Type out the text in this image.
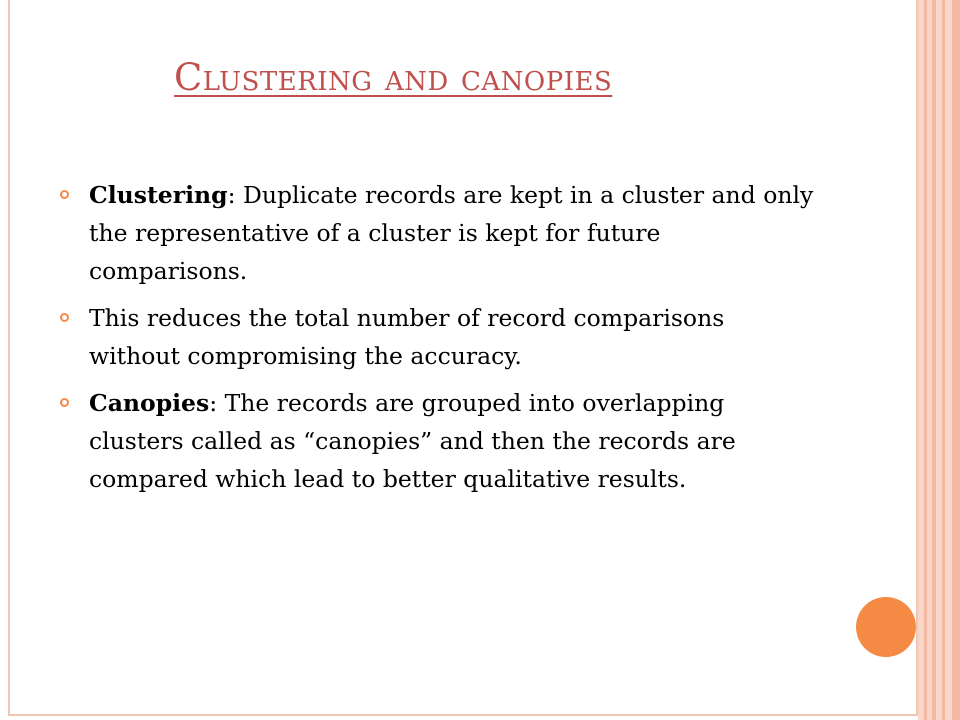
Clustering and canopies
Clustering: Duplicate records are kept in a cluster and only the representative of a cluster is kept for future comparisons.
This reduces the total number of record comparisons without compromising the accuracy.
Canopies: The records are grouped into overlapping clusters called as “canopies” and then the records are compared which lead to better qualitative results.
